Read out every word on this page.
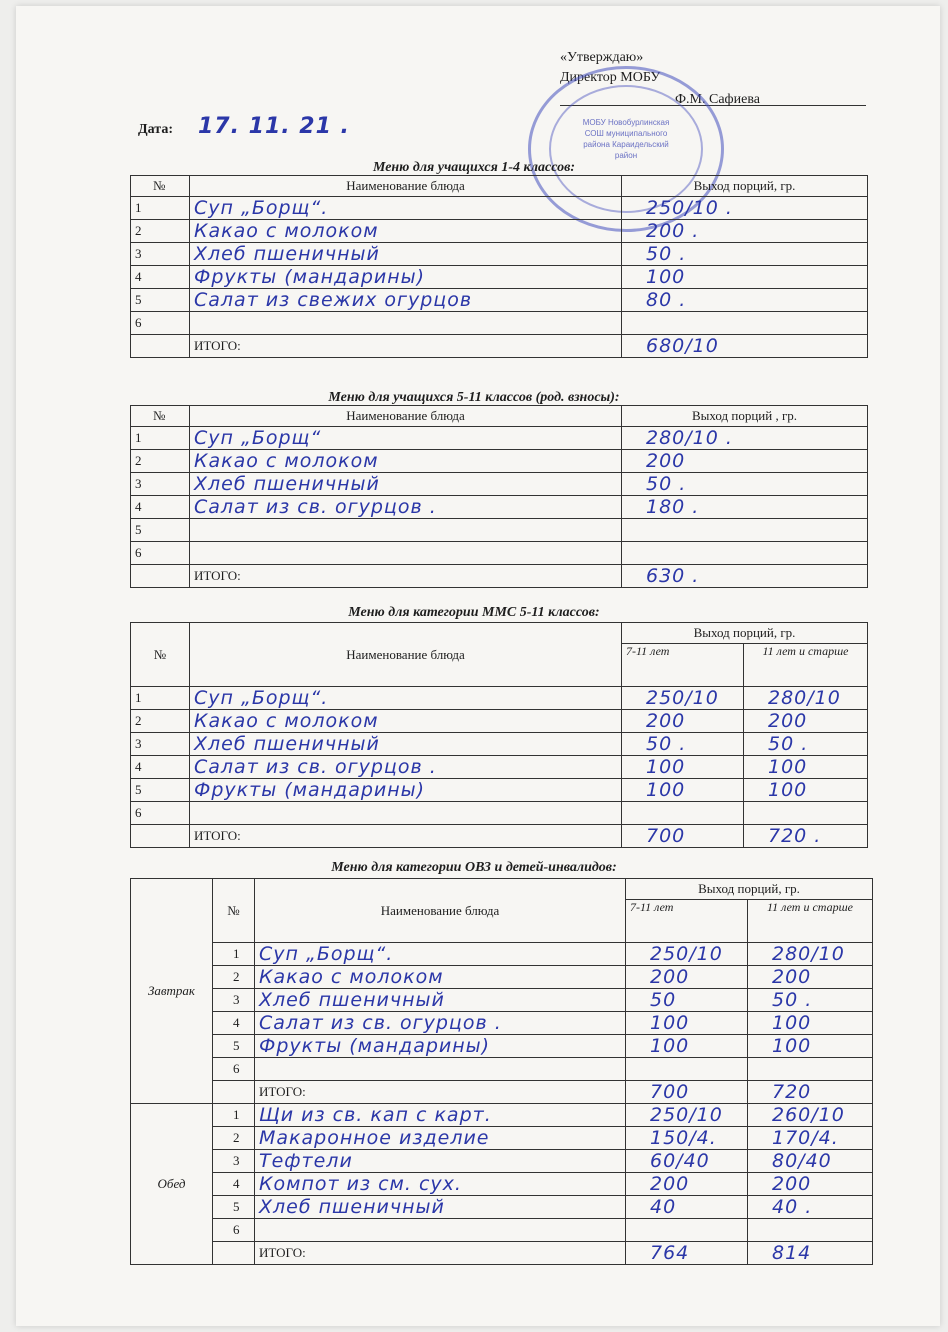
«Утверждаю»
Директор МОБУ
Ф.М. Сафиева
МОБУ Новобурлинская СОШ муниципального района Караидельский район
Дата: 17. 11. 21 .
Меню для учащихся 1-4 классов:
№	Наименование блюда	Выход порций, гр.
1	Суп „Борщ“.	250/10 .
2	Какао с молоком	200 .
3	Хлеб пшеничный	50 .
4	Фрукты (мандарины)	100
5	Салат из свежих огурцов	80 .
6		
	ИТОГО:	680/10
Меню для учащихся 5-11 классов (род. взносы):
№	Наименование блюда	Выход порций , гр.
1	Суп „Борщ“	280/10 .
2	Какао с молоком	200
3	Хлеб пшеничный	50 .
4	Салат из св. огурцов .	180 .
5		
6		
	ИТОГО:	630 .
Меню для категории ММС 5-11 классов:
№	Наименование блюда	Выход порций, гр.	
		7-11 лет	11 лет и старше
1	Суп „Борщ“.	250/10	280/10
2	Какао с молоком	200	200
3	Хлеб пшеничный	50 .	50 .
4	Салат из св. огурцов .	100	100
5	Фрукты (мандарины)	100	100
6			
	ИТОГО:	700	720 .
Меню для категории ОВЗ и детей-инвалидов:
Завтрак	№	Наименование блюда	Выход порций, гр.	
			7-11 лет	11 лет и старше
	1	Суп „Борщ“.	250/10	280/10
	2	Какао с молоком	200	200
	3	Хлеб пшеничный	50	50 .
	4	Салат из св. огурцов .	100	100
	5	Фрукты (мандарины)	100	100
	6			
		ИТОГО:	700	720
Обед	1	Щи из св. кап с карт.	250/10	260/10
	2	Макаронное изделие	150/4.	170/4.
	3	Тефтели	60/40	80/40
	4	Компот из см. сух.	200	200
	5	Хлеб пшеничный	40	40 .
	6			
		ИТОГО:	764	814
